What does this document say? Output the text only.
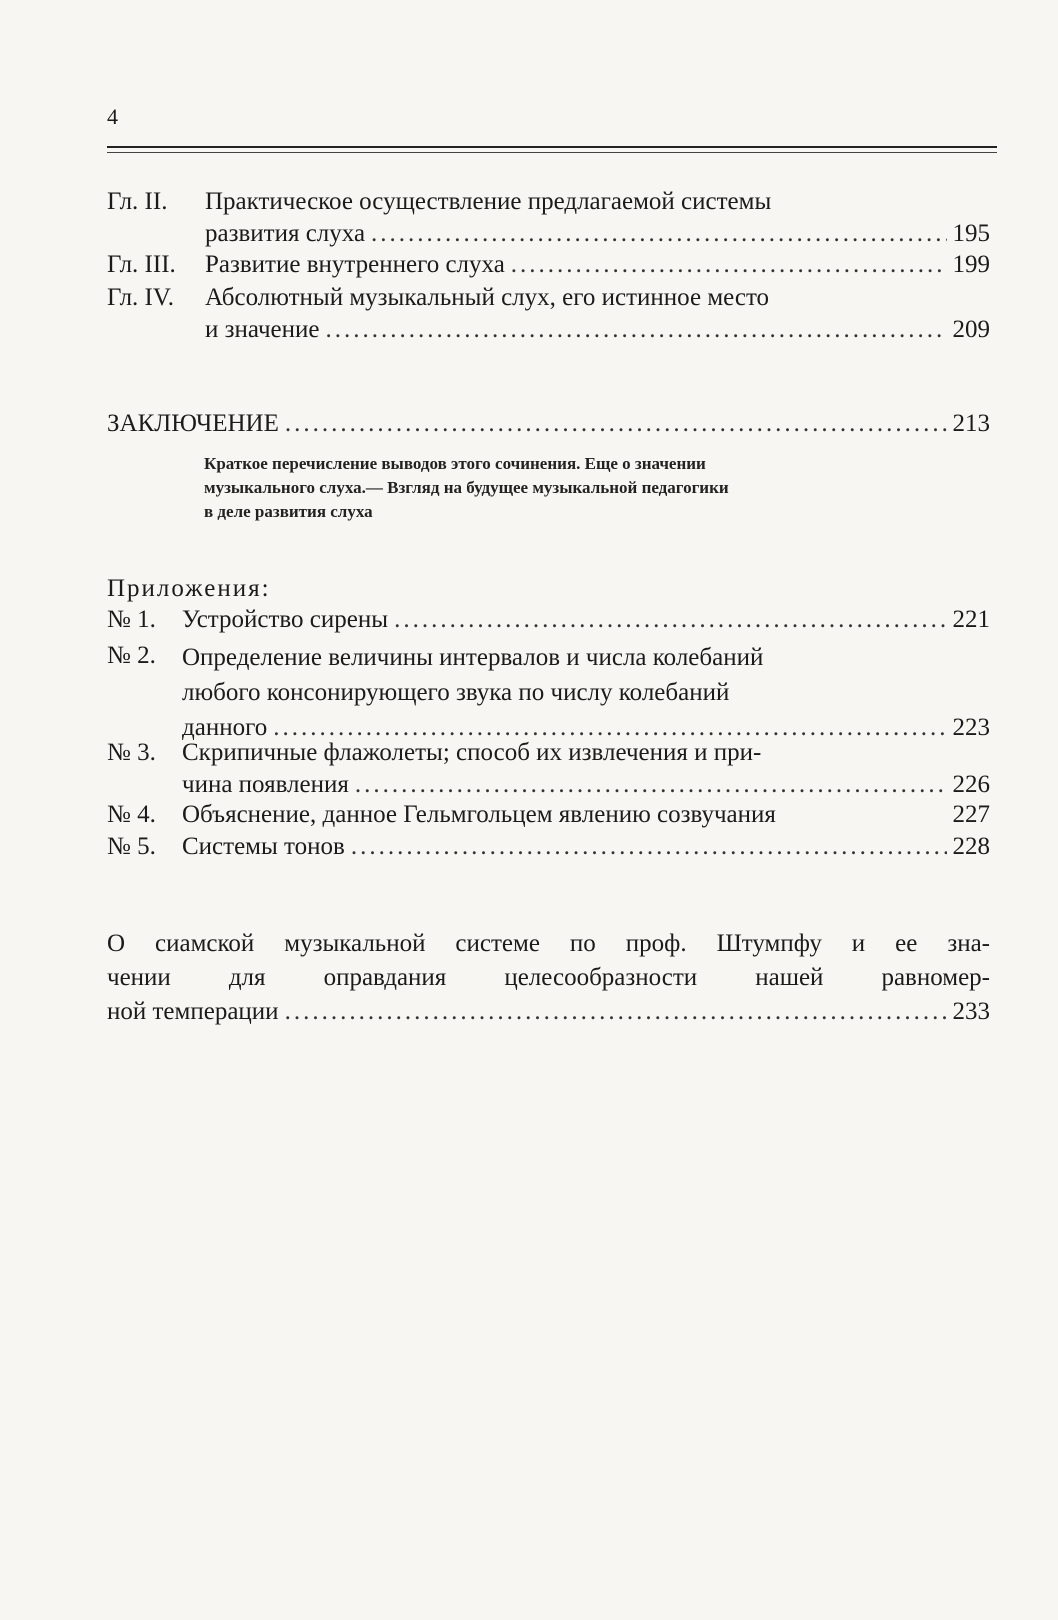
4
Гл. II. Практическое осуществление предлагаемой системы
развития слуха .....	195
Гл. III. Развитие внутреннего слуха .....	199
Гл. IV. Абсолютный музыкальный слух, его истинное место
и значение .....	209
ЗАКЛЮЧЕНИЕ .....	213
Краткое перечисление выводов этого сочинения. Еще о значении
музыкального слуха.— Взгляд на будущее музыкальной педагогики
в деле развития слуха
Приложения:
№ 1. Устройство сирены .....	221
№ 2. Определение величины интервалов и числа колебаний
любого консонирующего звука по числу колебаний
данного .....	223
№ 3. Скрипичные флажолеты; способ их извлечения и при-
чина появления .....	226
№ 4. Объяснение, данное Гельмгольцем явлению созвучания	227
№ 5. Системы тонов .....	228
О сиамской музыкальной системе по проф. Штумпфу и ее зна-
чении для оправдания целесообразности нашей равномер-
ной темперации .....	233
